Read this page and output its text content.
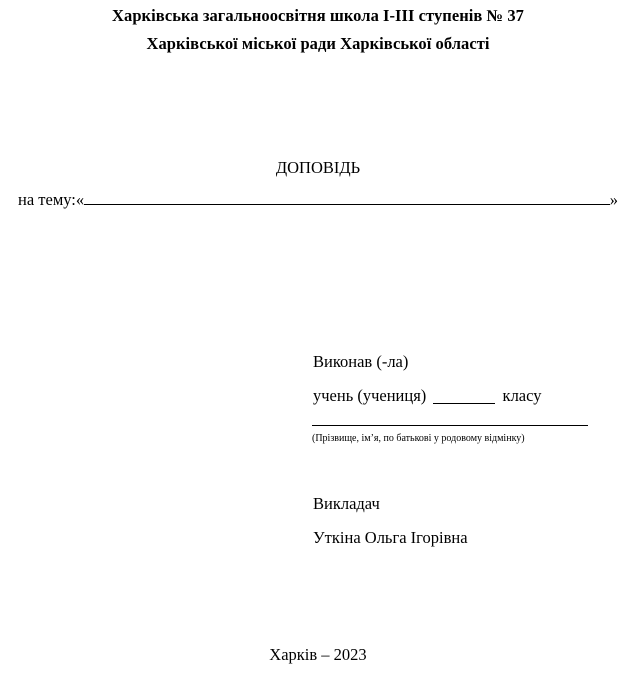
Харківська загальноосвітня школа I-III ступенів № 37
Харківської міської ради Харківської області
ДОПОВІДЬ
на тему: «	»
Виконав (-ла)
учень (учениця)	класу
(Прізвище, ім’я, по батькові у родовому відмінку)
Викладач
Уткіна Ольга Ігорівна
Харків – 2023
